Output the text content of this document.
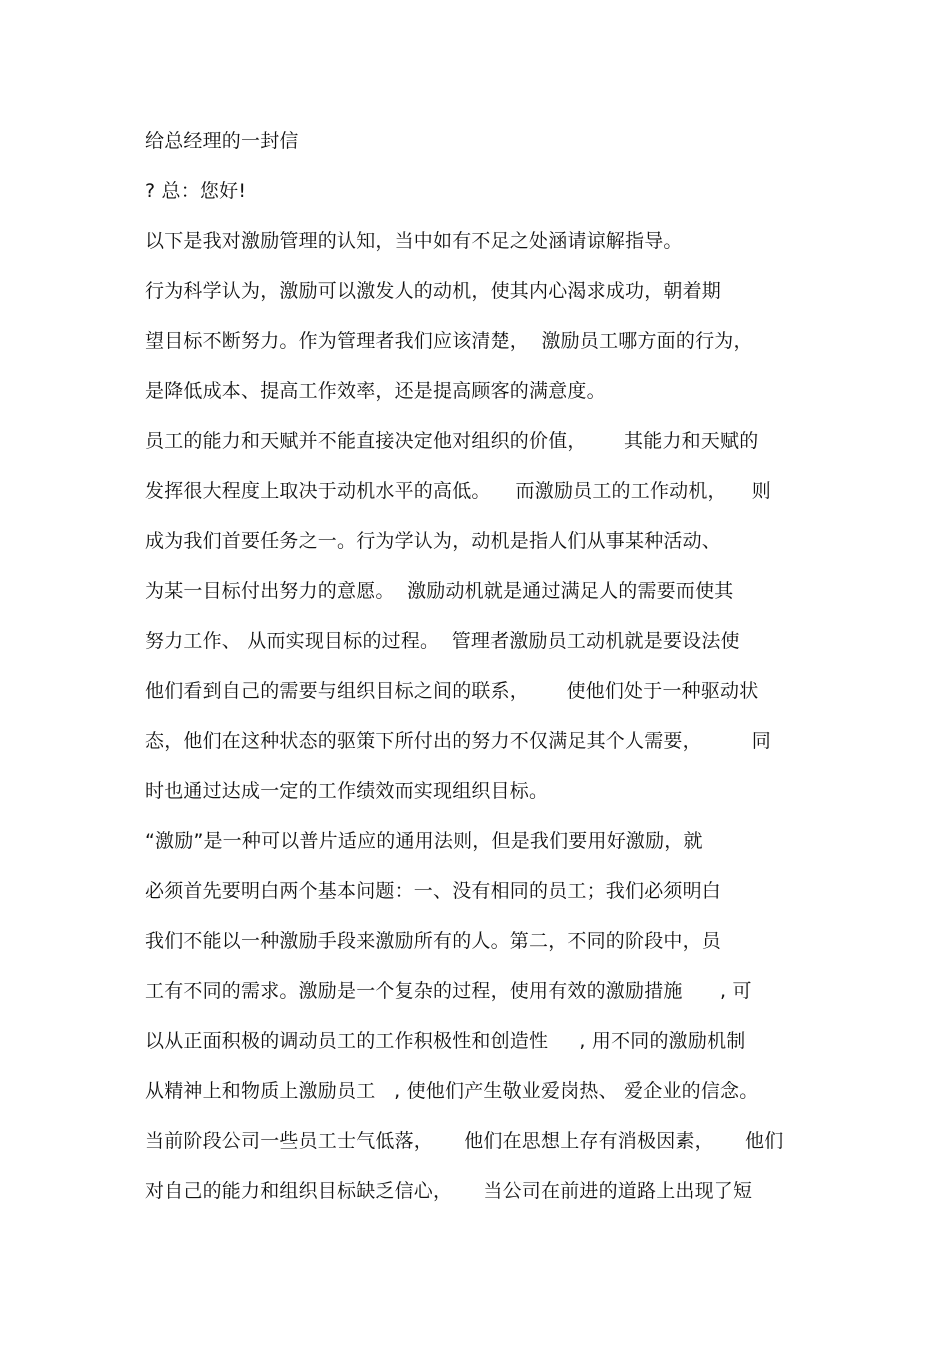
给总经理的一封信
? 总：您好!
以下是我对激励管理的认知，当中如有不足之处涵请谅解指导。
行为科学认为，激励可以激发人的动机，使其内心渴求成功，朝着期
望目标不断努力。作为管理者我们应该清楚，  激励员工哪方面的行为，
是降低成本、提高工作效率，还是提高顾客的满意度。
员工的能力和天赋并不能直接决定他对组织的价值，      其能力和天赋的
发挥很大程度上取决于动机水平的高低。    而激励员工的工作动机，    则
成为我们首要任务之一。行为学认为，动机是指人们从事某种活动、
为某一目标付出努力的意愿。  激励动机就是通过满足人的需要而使其
努力工作、 从而实现目标的过程。  管理者激励员工动机就是要设法使
他们看到自己的需要与组织目标之间的联系，      使他们处于一种驱动状
态，他们在这种状态的驱策下所付出的努力不仅满足其个人需要，        同
时也通过达成一定的工作绩效而实现组织目标。
“激励”是一种可以普片适应的通用法则，但是我们要用好激励，就
必须首先要明白两个基本问题：一、没有相同的员工；我们必须明白
我们不能以一种激励手段来激励所有的人。第二，不同的阶段中，员
工有不同的需求。激励是一个复杂的过程，使用有效的激励措施      , 可
以从正面积极的调动员工的工作积极性和创造性     , 用不同的激励机制
从精神上和物质上激励员工   , 使他们产生敬业爱岗热、 爱企业的信念。
当前阶段公司一些员工士气低落，     他们在思想上存有消极因素，     他们
对自己的能力和组织目标缺乏信心，     当公司在前进的道路上出现了短
